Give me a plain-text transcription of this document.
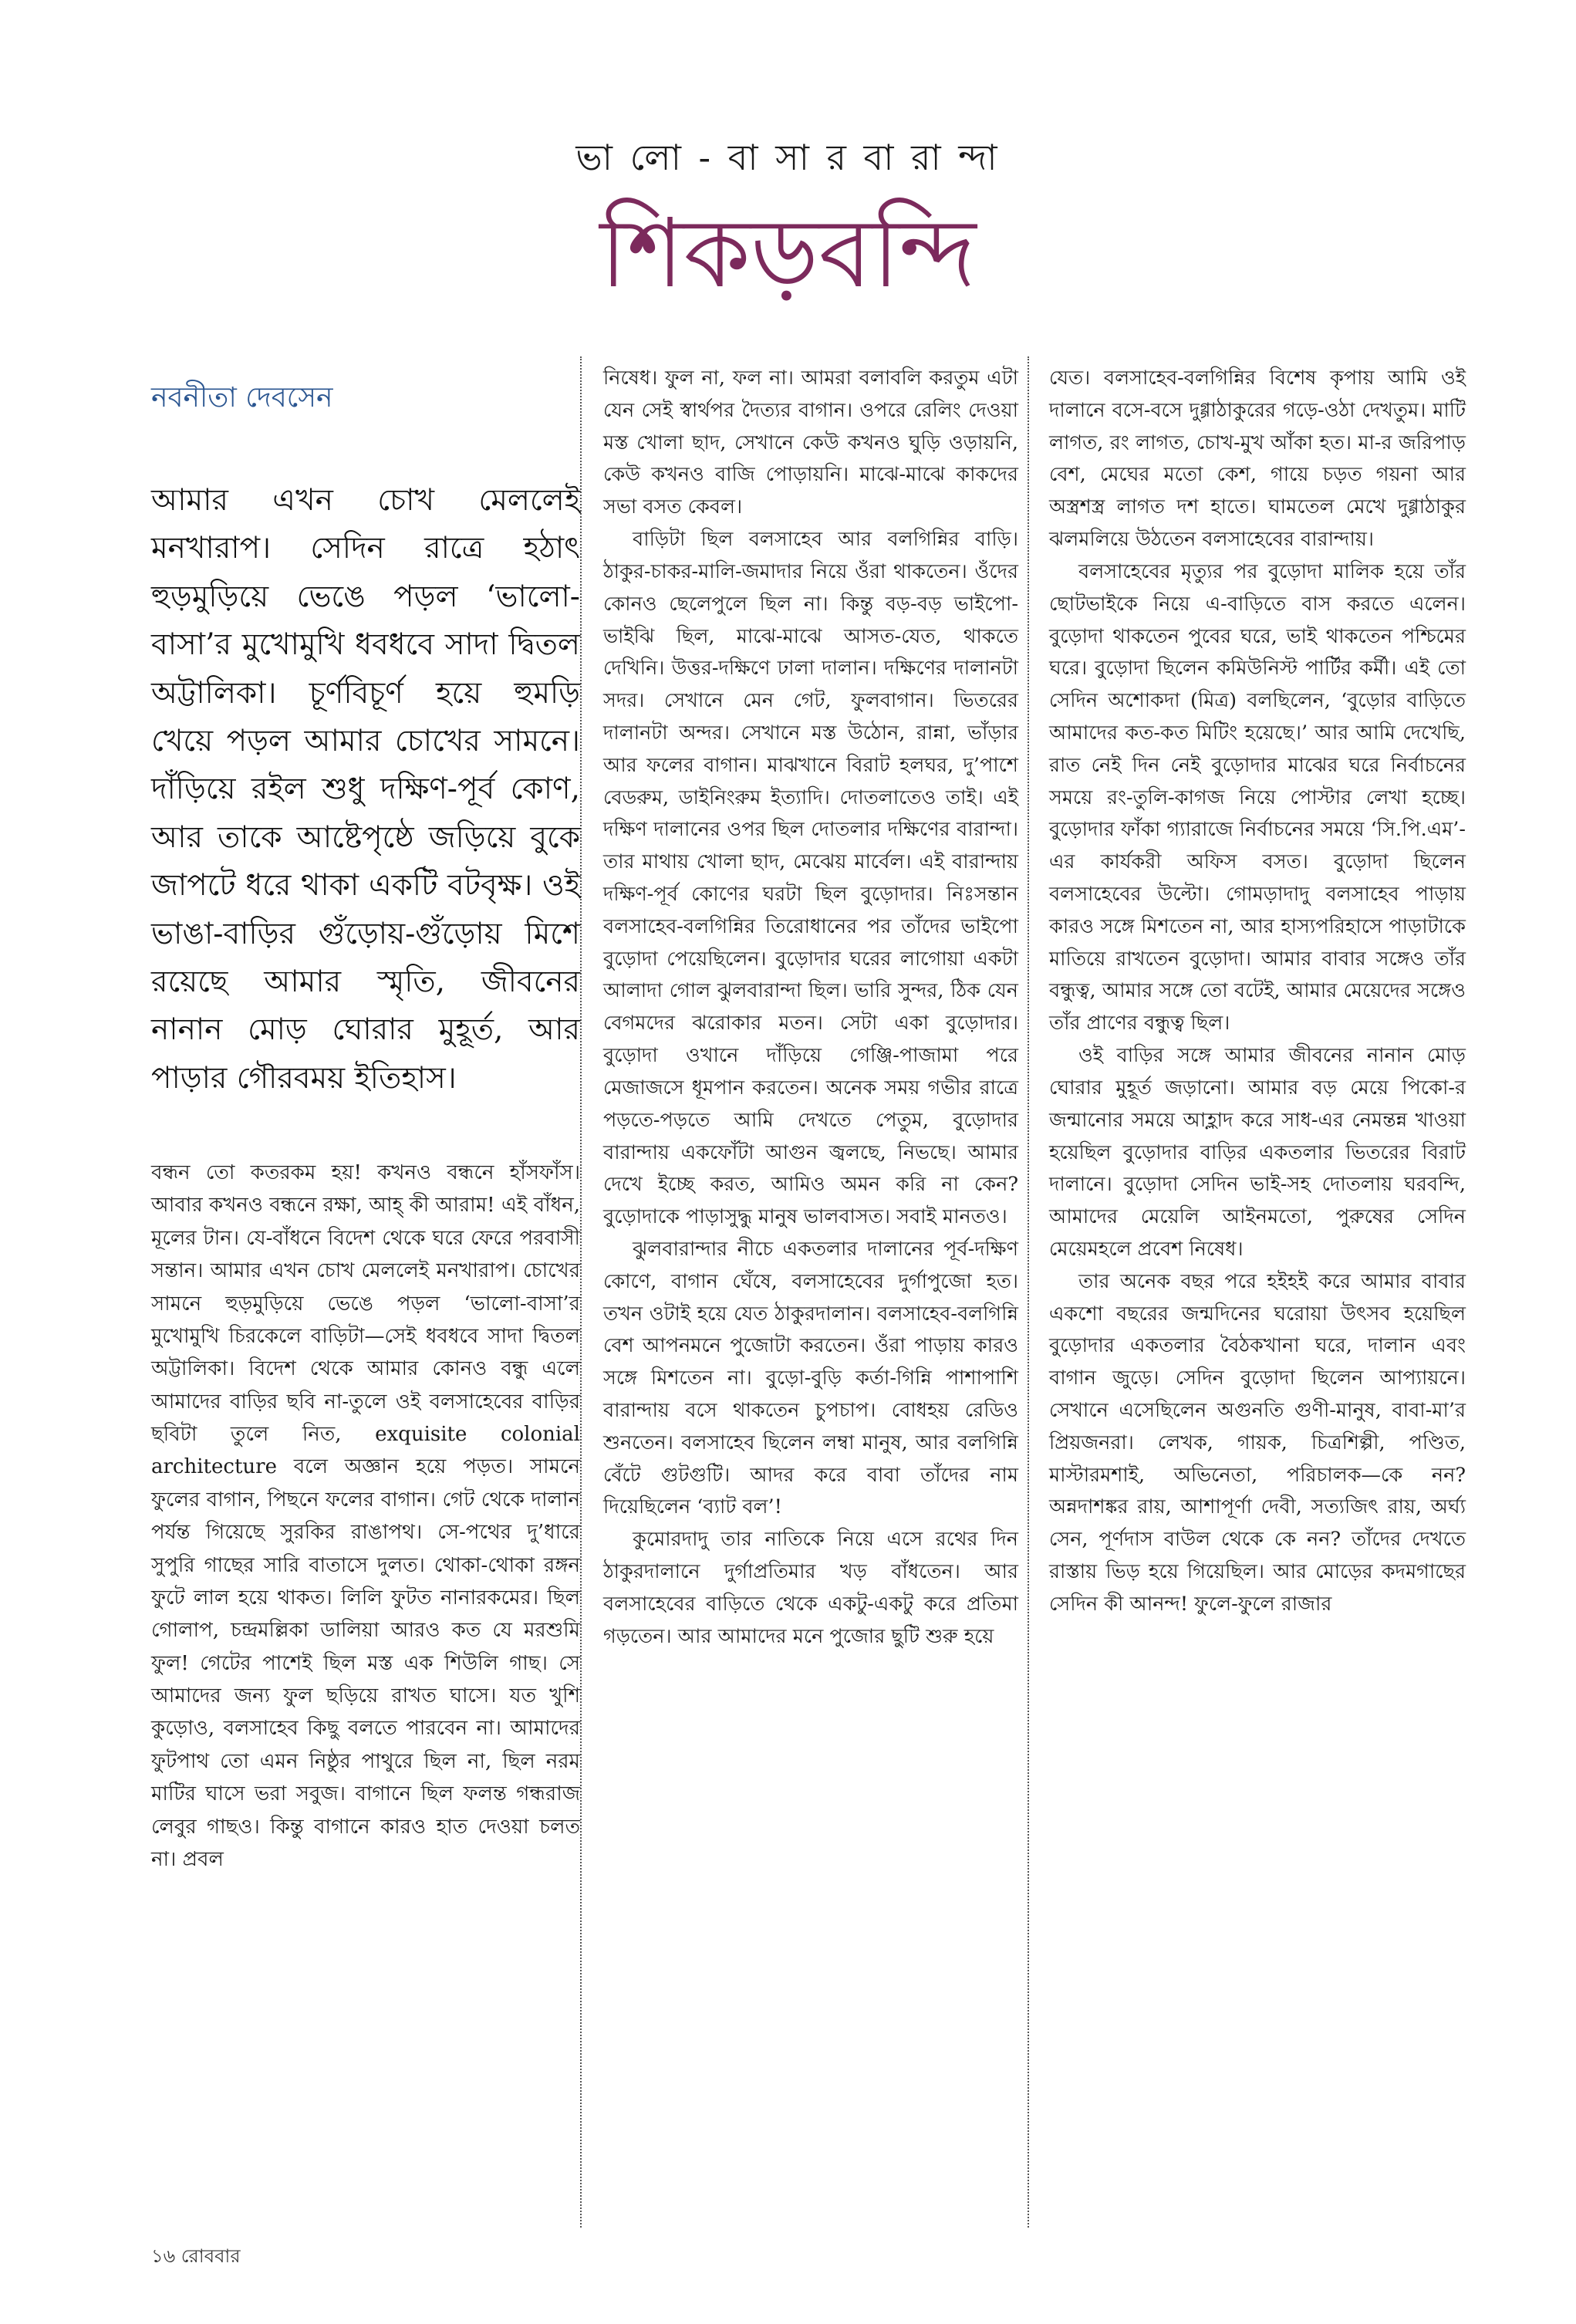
ভা লো - বা সা র বা রা ন্দা
শিকড়বন্দি
নবনীতা দেবসেন

আমার এখন চোখ মেললেই মনখারাপ। সেদিন রাত্রে হঠাৎ হুড়মুড়িয়ে ভেঙে পড়ল ‘ভালো-বাসা’র মুখোমুখি ধবধবে সাদা দ্বিতল অট্টালিকা। চূর্ণবিচূর্ণ হয়ে হুমড়ি খেয়ে পড়ল আমার চোখের সামনে। দাঁড়িয়ে রইল শুধু দক্ষিণ-পূর্ব কোণ, আর তাকে আষ্টেপৃষ্ঠে জড়িয়ে বুকে জাপটে ধরে থাকা একটি বটবৃক্ষ। ওই ভাঙা-বাড়ির গুঁড়োয়-গুঁড়োয় মিশে রয়েছে আমার স্মৃতি, জীবনের নানান মোড় ঘোরার মুহূর্ত, আর পাড়ার গৌরবময় ইতিহাস।

বন্ধন তো কতরকম হয়! কখনও বন্ধনে হাঁসফাঁস। আবার কখনও বন্ধনে রক্ষা, আহ্‌ কী আরাম! এই বাঁধন, মূলের টান। যে-বাঁধনে বিদেশ থেকে ঘরে ফেরে পরবাসী সন্তান। আমার এখন চোখ মেললেই মনখারাপ। চোখের সামনে হুড়মুড়িয়ে ভেঙে পড়ল ‘ভালো-বাসা’র মুখোমুখি চিরকেলে বাড়িটা—সেই ধবধবে সাদা দ্বিতল অট্টালিকা। বিদেশ থেকে আমার কোনও বন্ধু এলে আমাদের বাড়ির ছবি না-তুলে ওই বলসাহেবের বাড়ির ছবিটা তুলে নিত, exquisite colonial architecture বলে অজ্ঞান হয়ে পড়ত। সামনে ফুলের বাগান, পিছনে ফলের বাগান। গেট থেকে দালান পর্যন্ত গিয়েছে সুরকির রাঙাপথ। সে-পথের দু’ধারে সুপুরি গাছের সারি বাতাসে দুলত। থোকা-থোকা রঙ্গন ফুটে লাল হয়ে থাকত। লিলি ফুটত নানারকমের। ছিল গোলাপ, চন্দ্রমল্লিকা ডালিয়া আরও কত যে মরশুমি ফুল! গেটের পাশেই ছিল মস্ত এক শিউলি গাছ। সে আমাদের জন্য ফুল ছড়িয়ে রাখত ঘাসে। যত খুশি কুড়োও, বলসাহেব কিছু বলতে পারবেন না। আমাদের ফুটপাথ তো এমন নিষ্ঠুর পাথুরে ছিল না, ছিল নরম মাটির ঘাসে ভরা সবুজ। বাগানে ছিল ফলন্ত গন্ধরাজ লেবুর গাছও। কিন্তু বাগানে কারও হাত দেওয়া চলত না। প্রবল

নিষেধ। ফুল না, ফল না। আমরা বলাবলি করতুম এটা যেন সেই স্বার্থপর দৈত্যর বাগান। ওপরে রেলিং দেওয়া মস্ত খোলা ছাদ, সেখানে কেউ কখনও ঘুড়ি ওড়ায়নি, কেউ কখনও বাজি পোড়ায়নি। মাঝে-মাঝে কাকদের সভা বসত কেবল।

বাড়িটা ছিল বলসাহেব আর বলগিন্নির বাড়ি। ঠাকুর-চাকর-মালি-জমাদার নিয়ে ওঁরা থাকতেন। ওঁদের কোনও ছেলেপুলে ছিল না। কিন্তু বড়-বড় ভাইপো-ভাইঝি ছিল, মাঝে-মাঝে আসত-যেত, থাকতে দেখিনি। উত্তর-দক্ষিণে ঢালা দালান। দক্ষিণের দালানটা সদর। সেখানে মেন গেট, ফুলবাগান। ভিতরের দালানটা অন্দর। সেখানে মস্ত উঠোন, রান্না, ভাঁড়ার আর ফলের বাগান। মাঝখানে বিরাট হলঘর, দু’পাশে বেডরুম, ডাইনিংরুম ইত্যাদি। দোতলাতেও তাই। এই দক্ষিণ দালানের ওপর ছিল দোতলার দক্ষিণের বারান্দা। তার মাথায় খোলা ছাদ, মেঝেয় মার্বেল। এই বারান্দায় দক্ষিণ-পূর্ব কোণের ঘরটা ছিল বুড়োদার। নিঃসন্তান বলসাহেব-বলগিন্নির তিরোধানের পর তাঁদের ভাইপো বুড়োদা পেয়েছিলেন। বুড়োদার ঘরের লাগোয়া একটা আলাদা গোল ঝুলবারান্দা ছিল। ভারি সুন্দর, ঠিক যেন বেগমদের ঝরোকার মতন। সেটা একা বুড়োদার। বুড়োদা ওখানে দাঁড়িয়ে গেঞ্জি-পাজামা পরে মেজাজসে ধূমপান করতেন। অনেক সময় গভীর রাত্রে পড়তে-পড়তে আমি দেখতে পেতুম, বুড়োদার বারান্দায় একফোঁটা আগুন জ্বলছে, নিভছে। আমার দেখে ইচ্ছে করত, আমিও অমন করি না কেন? বুড়োদাকে পাড়াসুদ্ধু মানুষ ভালবাসত। সবাই মানতও।

ঝুলবারান্দার নীচে একতলার দালানের পূর্ব-দক্ষিণ কোণে, বাগান ঘেঁষে, বলসাহেবের দুর্গাপুজো হত। তখন ওটাই হয়ে যেত ঠাকুরদালান। বলসাহেব-বলগিন্নি বেশ আপনমনে পুজোটা করতেন। ওঁরা পাড়ায় কারও সঙ্গে মিশতেন না। বুড়ো-বুড়ি কর্তা-গিন্নি পাশাপাশি বারান্দায় বসে থাকতেন চুপচাপ। বোধহয় রেডিও শুনতেন। বলসাহেব ছিলেন লম্বা মানুষ, আর বলগিন্নি বেঁটে গুটগুটি। আদর করে বাবা তাঁদের নাম দিয়েছিলেন ‘ব্যাট বল’!

কুমোরদাদু তার নাতিকে নিয়ে এসে রথের দিন ঠাকুরদালানে দুর্গাপ্রতিমার খড় বাঁধতেন। আর বলসাহেবের বাড়িতে থেকে একটু-একটু করে প্রতিমা গড়তেন। আর আমাদের মনে পুজোর ছুটি শুরু হয়ে

যেত। বলসাহেব-বলগিন্নির বিশেষ কৃপায় আমি ওই দালানে বসে-বসে দুগ্গাঠাকুরের গড়ে-ওঠা দেখতুম। মাটি লাগত, রং লাগত, চোখ-মুখ আঁকা হত। মা-র জরিপাড় বেশ, মেঘের মতো কেশ, গায়ে চড়ত গয়না আর অস্ত্রশস্ত্র লাগত দশ হাতে। ঘামতেল মেখে দুগ্গাঠাকুর ঝলমলিয়ে উঠতেন বলসাহেবের বারান্দায়।

বলসাহেবের মৃত্যুর পর বুড়োদা মালিক হয়ে তাঁর ছোটভাইকে নিয়ে এ-বাড়িতে বাস করতে এলেন। বুড়োদা থাকতেন পুবের ঘরে, ভাই থাকতেন পশ্চিমের ঘরে। বুড়োদা ছিলেন কমিউনিস্ট পার্টির কর্মী। এই তো সেদিন অশোকদা (মিত্র) বলছিলেন, ‘বুড়োর বাড়িতে আমাদের কত-কত মিটিং হয়েছে।’ আর আমি দেখেছি, রাত নেই দিন নেই বুড়োদার মাঝের ঘরে নির্বাচনের সময়ে রং-তুলি-কাগজ নিয়ে পোস্টার লেখা হচ্ছে। বুড়োদার ফাঁকা গ্যারাজে নির্বাচনের সময়ে ‘সি.পি.এম’-এর কার্যকরী অফিস বসত। বুড়োদা ছিলেন বলসাহেবের উল্টো। গোমড়াদাদু বলসাহেব পাড়ায় কারও সঙ্গে মিশতেন না, আর হাস্যপরিহাসে পাড়াটাকে মাতিয়ে রাখতেন বুড়োদা। আমার বাবার সঙ্গেও তাঁর বন্ধুত্ব, আমার সঙ্গে তো বটেই, আমার মেয়েদের সঙ্গেও তাঁর প্রাণের বন্ধুত্ব ছিল।

ওই বাড়ির সঙ্গে আমার জীবনের নানান মোড় ঘোরার মুহূর্ত জড়ানো। আমার বড় মেয়ে পিকো-র জন্মানোর সময়ে আহ্লাদ করে সাধ-এর নেমন্তন্ন খাওয়া হয়েছিল বুড়োদার বাড়ির একতলার ভিতরের বিরাট দালানে। বুড়োদা সেদিন ভাই-সহ দোতলায় ঘরবন্দি, আমাদের মেয়েলি আইনমতো, পুরুষের সেদিন মেয়েমহলে প্রবেশ নিষেধ।

তার অনেক বছর পরে হইহই করে আমার বাবার একশো বছরের জন্মদিনের ঘরোয়া উৎসব হয়েছিল বুড়োদার একতলার বৈঠকখানা ঘরে, দালান এবং বাগান জুড়ে। সেদিন বুড়োদা ছিলেন আপ্যায়নে। সেখানে এসেছিলেন অগুনতি গুণী-মানুষ, বাবা-মা’র প্রিয়জনরা। লেখক, গায়ক, চিত্রশিল্পী, পণ্ডিত, মাস্টারমশাই, অভিনেতা, পরিচালক—কে নন? অন্নদাশঙ্কর রায়, আশাপূর্ণা দেবী, সত্যজিৎ রায়, অর্ঘ্য সেন, পূর্ণদাস বাউল থেকে কে নন? তাঁদের দেখতে রাস্তায় ভিড় হয়ে গিয়েছিল। আর মোড়ের কদমগাছের সেদিন কী আনন্দ! ফুলে-ফুলে রাজার

১৬ রোববার
